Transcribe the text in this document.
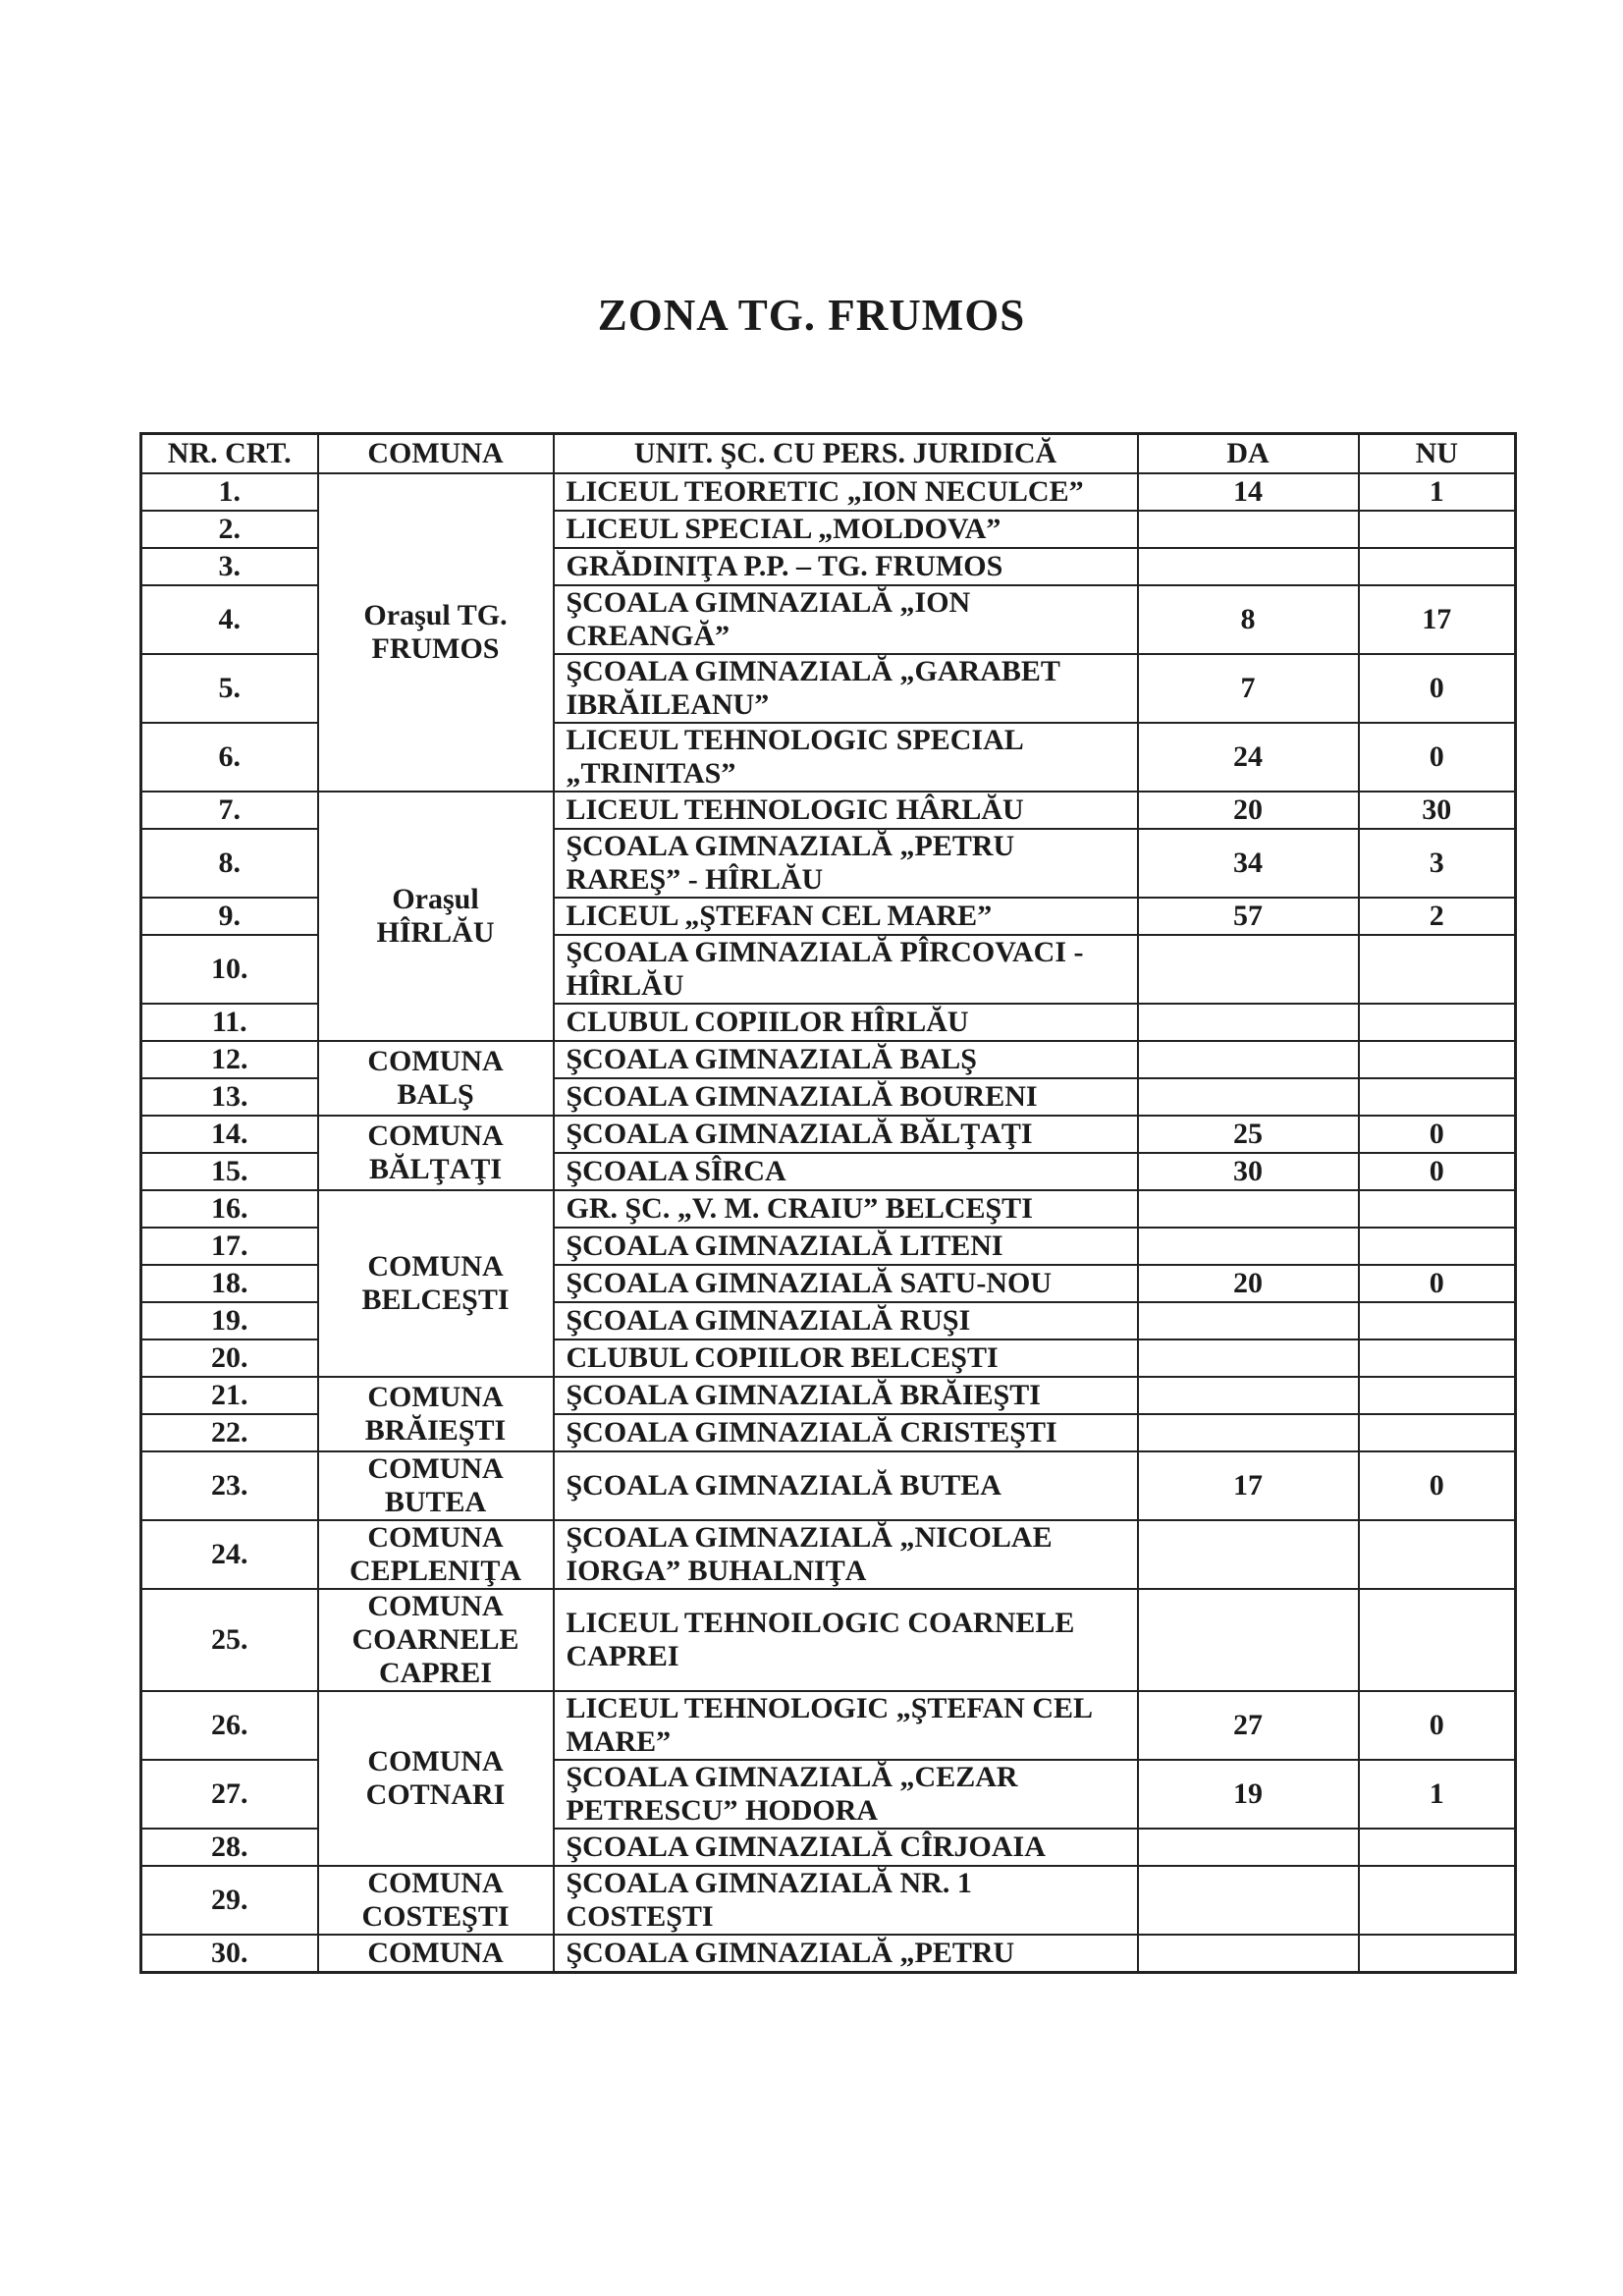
ZONA TG. FRUMOS
NR. CRT.	COMUNA	UNIT. ŞC. CU PERS. JURIDICĂ	DA	NU
1.	Oraşul TG. FRUMOS	LICEUL TEORETIC „ION NECULCE”	14	1
2.		LICEUL SPECIAL „MOLDOVA”		
3.		GRĂDINIŢA P.P. – TG. FRUMOS		
4.		ŞCOALA GIMNAZIALĂ „ION CREANGĂ”	8	17
5.		ŞCOALA GIMNAZIALĂ „GARABET IBRĂILEANU”	7	0
6.		LICEUL TEHNOLOGIC SPECIAL „TRINITAS”	24	0
7.	Oraşul HÎRLĂU	LICEUL TEHNOLOGIC HÂRLĂU	20	30
8.		ŞCOALA GIMNAZIALĂ „PETRU RAREŞ” - HÎRLĂU	34	3
9.		LICEUL „ŞTEFAN CEL MARE”	57	2
10.		ŞCOALA GIMNAZIALĂ PÎRCOVACI - HÎRLĂU		
11.		CLUBUL COPIILOR HÎRLĂU		
12.	COMUNA BALŞ	ŞCOALA GIMNAZIALĂ BALŞ		
13.		ŞCOALA GIMNAZIALĂ BOURENI		
14.	COMUNA BĂLŢAŢI	ŞCOALA GIMNAZIALĂ BĂLŢAŢI	25	0
15.		ŞCOALA SÎRCA	30	0
16.	COMUNA BELCEŞTI	GR. ŞC. „V. M. CRAIU” BELCEŞTI		
17.		ŞCOALA GIMNAZIALĂ LITENI		
18.		ŞCOALA GIMNAZIALĂ SATU-NOU	20	0
19.		ŞCOALA GIMNAZIALĂ RUŞI		
20.		CLUBUL COPIILOR BELCEŞTI		
21.	COMUNA BRĂIEŞTI	ŞCOALA GIMNAZIALĂ BRĂIEŞTI		
22.		ŞCOALA GIMNAZIALĂ CRISTEŞTI		
23.	COMUNA BUTEA	ŞCOALA GIMNAZIALĂ BUTEA	17	0
24.	COMUNA CEPLENIŢA	ŞCOALA GIMNAZIALĂ „NICOLAE IORGA” BUHALNIŢA		
25.	COMUNA COARNELE CAPREI	LICEUL TEHNOILOGIC COARNELE CAPREI		
26.	COMUNA COTNARI	LICEUL TEHNOLOGIC „ŞTEFAN CEL MARE”	27	0
27.		ŞCOALA GIMNAZIALĂ „CEZAR PETRESCU” HODORA	19	1
28.		ŞCOALA GIMNAZIALĂ CÎRJOAIA		
29.	COMUNA COSTEŞTI	ŞCOALA GIMNAZIALĂ NR. 1 COSTEŞTI		
30.	COMUNA	ŞCOALA GIMNAZIALĂ „PETRU		
